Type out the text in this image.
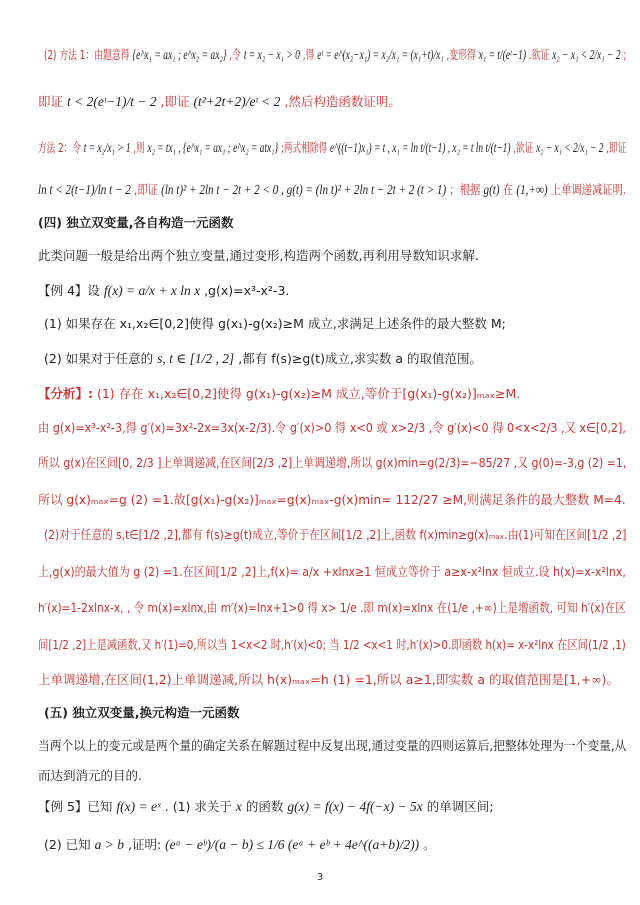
(2) 方法 1：由题意得 {e^x₁ = ax₁ ; e^x₂ = ax₂} ,令 t = x₂ − x₁ > 0 ,得 eᵗ = e^(x₂−x₁) = x₂/x₁ = (x₁+t)/x₁ ,变形得 x₁ = t/(eᵗ−1) .欲证 x₂ − x₁ < 2/x₁ − 2 ;
即证 t < 2(eᵗ−1)/t − 2 ,即证 (t²+2t+2)/eᵗ < 2 ,然后构造函数证明。
方法 2：令 t = x₂/x₁ > 1 ,则 x₂ = tx₁ , {e^x₁ = ax₁ ; e^x₂ = atx₁} ;两式相除得 e^((t−1)x₁) = t , x₁ = ln t/(t−1) , x₂ = t ln t/(t−1) ,欲证 x₂ − x₁ < 2/x₁ − 2 ,即证
ln t < 2(t−1)/ln t − 2 ,即证 (ln t)² + 2ln t − 2t + 2 < 0 , g(t) = (ln t)² + 2ln t − 2t + 2 (t > 1) ；根据 g(t) 在 (1,+∞) 上单调递减证明.
(四) 独立双变量,各自构造一元函数
此类问题一般是给出两个独立变量,通过变形,构造两个函数,再利用导数知识求解.
【例 4】设 f(x) = a/x + x ln x ,g(x)=x³-x²-3.
(1) 如果存在 x₁,x₂∈[0,2]使得 g(x₁)-g(x₂)≥M 成立,求满足上述条件的最大整数 M;
(2) 如果对于任意的 s, t ∈ [1/2 , 2] ,都有 f(s)≥g(t)成立,求实数 a 的取值范围。
【分析】: (1) 存在 x₁,x₂∈[0,2]使得 g(x₁)-g(x₂)≥M 成立,等价于[g(x₁)-g(x₂)]ₘₐₓ≥M.
由 g(x)=x³-x²-3,得 g′(x)=3x²-2x=3x(x-2/3).令 g′(x)>0 得 x<0 或 x>2/3 ,令 g′(x)<0 得 0<x<2/3 ,又 x∈[0,2],
所以 g(x)在区间[0, 2/3 ]上单调递减,在区间[2/3 ,2]上单调递增,所以 g(x)min=g(2/3)=−85/27 ,又 g(0)=-3,g (2) =1,
所以 g(x)ₘₐₓ=g (2) =1.故[g(x₁)-g(x₂)]ₘₐₓ=g(x)ₘₐₓ-g(x)min= 112/27 ≥M,则满足条件的最大整数 M=4.
(2)对于任意的 s,t∈[1/2 ,2],都有 f(s)≥g(t)成立,等价于在区间[1/2 ,2]上,函数 f(x)min≥g(x)ₘₐₓ.由(1)可知在区间[1/2 ,2]
上,g(x)的最大值为 g (2) =1.在区间[1/2 ,2]上,f(x)= a/x +xlnx≥1 恒成立等价于 a≥x-x²lnx 恒成立.设 h(x)=x-x²lnx,
h′(x)=1-2xlnx-x, , 令 m(x)=xlnx,由 m′(x)=lnx+1>0 得 x> 1/e .即 m(x)=xlnx 在(1/e ,+∞)上是增函数, 可知 h′(x)在区
间[1/2 ,2]上是减函数,又 h′(1)=0,所以当 1<x<2 时,h′(x)<0; 当 1/2 <x<1 时,h′(x)>0.即函数 h(x)= x-x²lnx 在区间(1/2 ,1)
上单调递增,在区间(1,2)上单调递减,所以 h(x)ₘₐₓ=h (1) =1,所以 a≥1,即实数 a 的取值范围是[1,+∞)。
(五) 独立双变量,换元构造一元函数
当两个以上的变元或是两个量的确定关系在解题过程中反复出现,通过变量的四则运算后,把整体处理为一个变量,从
而达到消元的目的.
【例 5】已知 f(x) = eˣ . (1) 求关于 x 的函数 g(x) = f(x) − 4f(−x) − 5x 的单调区间;
(2) 已知 a > b ,证明: (eᵃ − eᵇ)/(a − b) ≤ 1/6 (eᵃ + eᵇ + 4e^((a+b)/2)) 。
3
